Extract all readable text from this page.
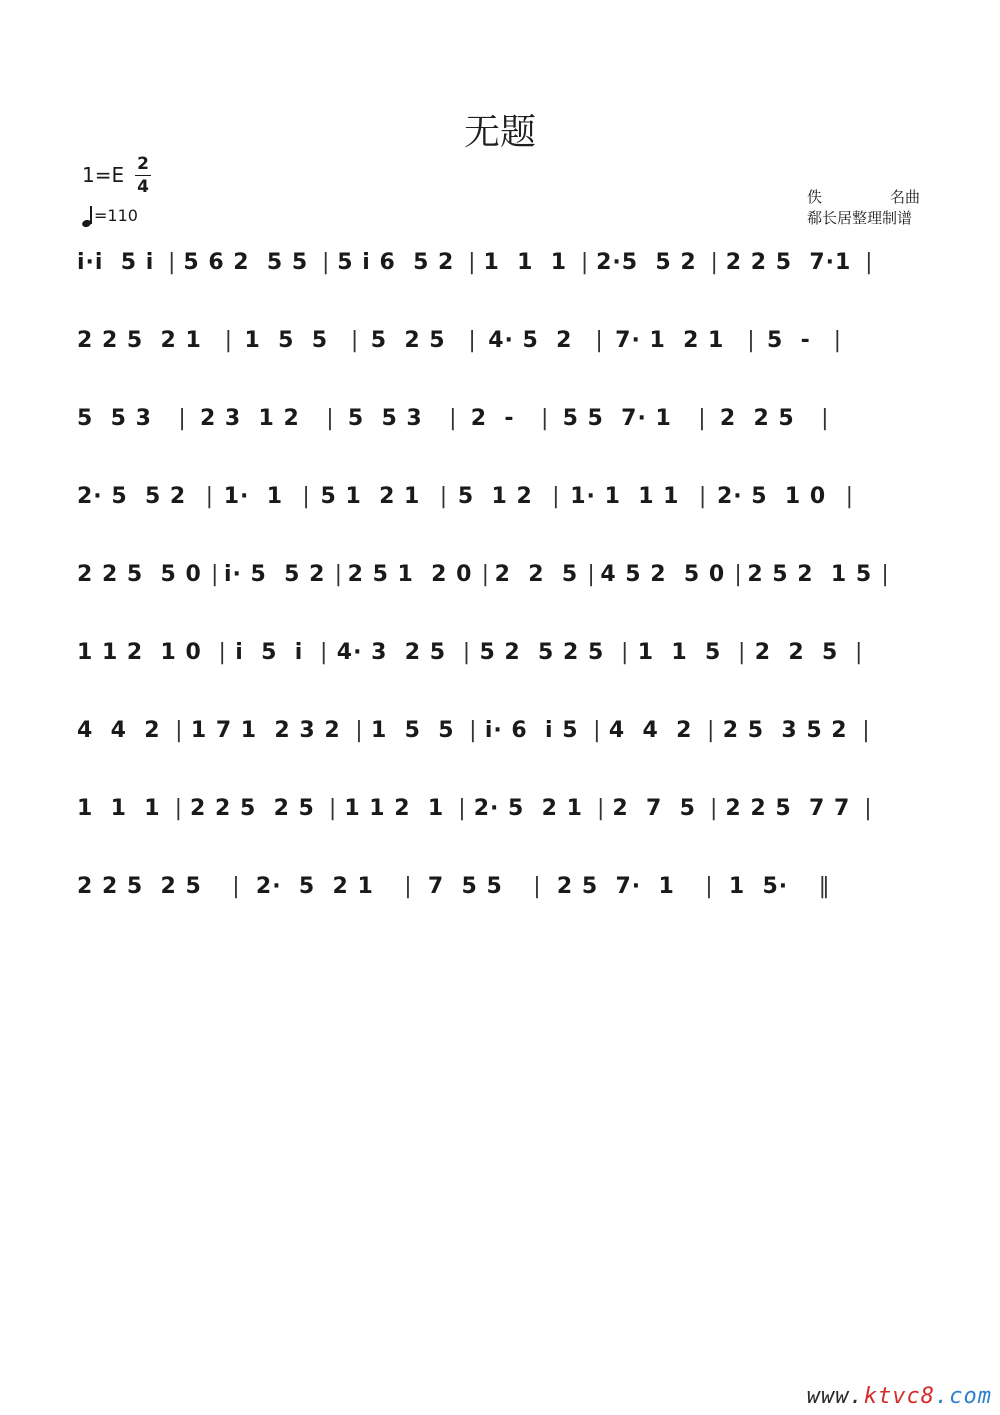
无题
1=E 2
4
=110
佚	名曲
郗长居整理制谱
i·i  5 i | 5 6 2  5 5 | 5 i 6  5 2 | 1  1  1 | 2·5  5 2 | 2 2 5  7·1 |
2 2 5  2 1 | 1  5  5 | 5  2 5 | 4· 5  2 | 7· 1  2 1 | 5  - |
5  5 3 | 2 3  1 2 | 5  5 3 | 2  - | 5 5  7· 1 | 2  2 5 |
2· 5  5 2 | 1·  1 | 5 1  2 1 | 5  1 2 | 1· 1  1 1 | 2· 5  1 0 |
2 2 5  5 0 | i· 5  5 2 | 2 5 1  2 0 | 2  2  5 | 4 5 2  5 0 | 2 5 2  1 5 |
1 1 2  1 0 | i  5  i | 4· 3  2 5 | 5 2  5 2 5 | 1  1  5 | 2  2  5 |
4  4  2 | 1 7 1  2 3 2 | 1  5  5 | i· 6  i 5 | 4  4  2 | 2 5  3 5 2 |
1  1  1 | 2 2 5  2 5 | 1 1 2  1 | 2· 5  2 1 | 2  7  5 | 2 2 5  7 7 |
2 2 5  2 5 | 2·  5  2 1 | 7  5 5 | 2 5  7·  1 | 1  5· ‖
www.ktvc8.com
